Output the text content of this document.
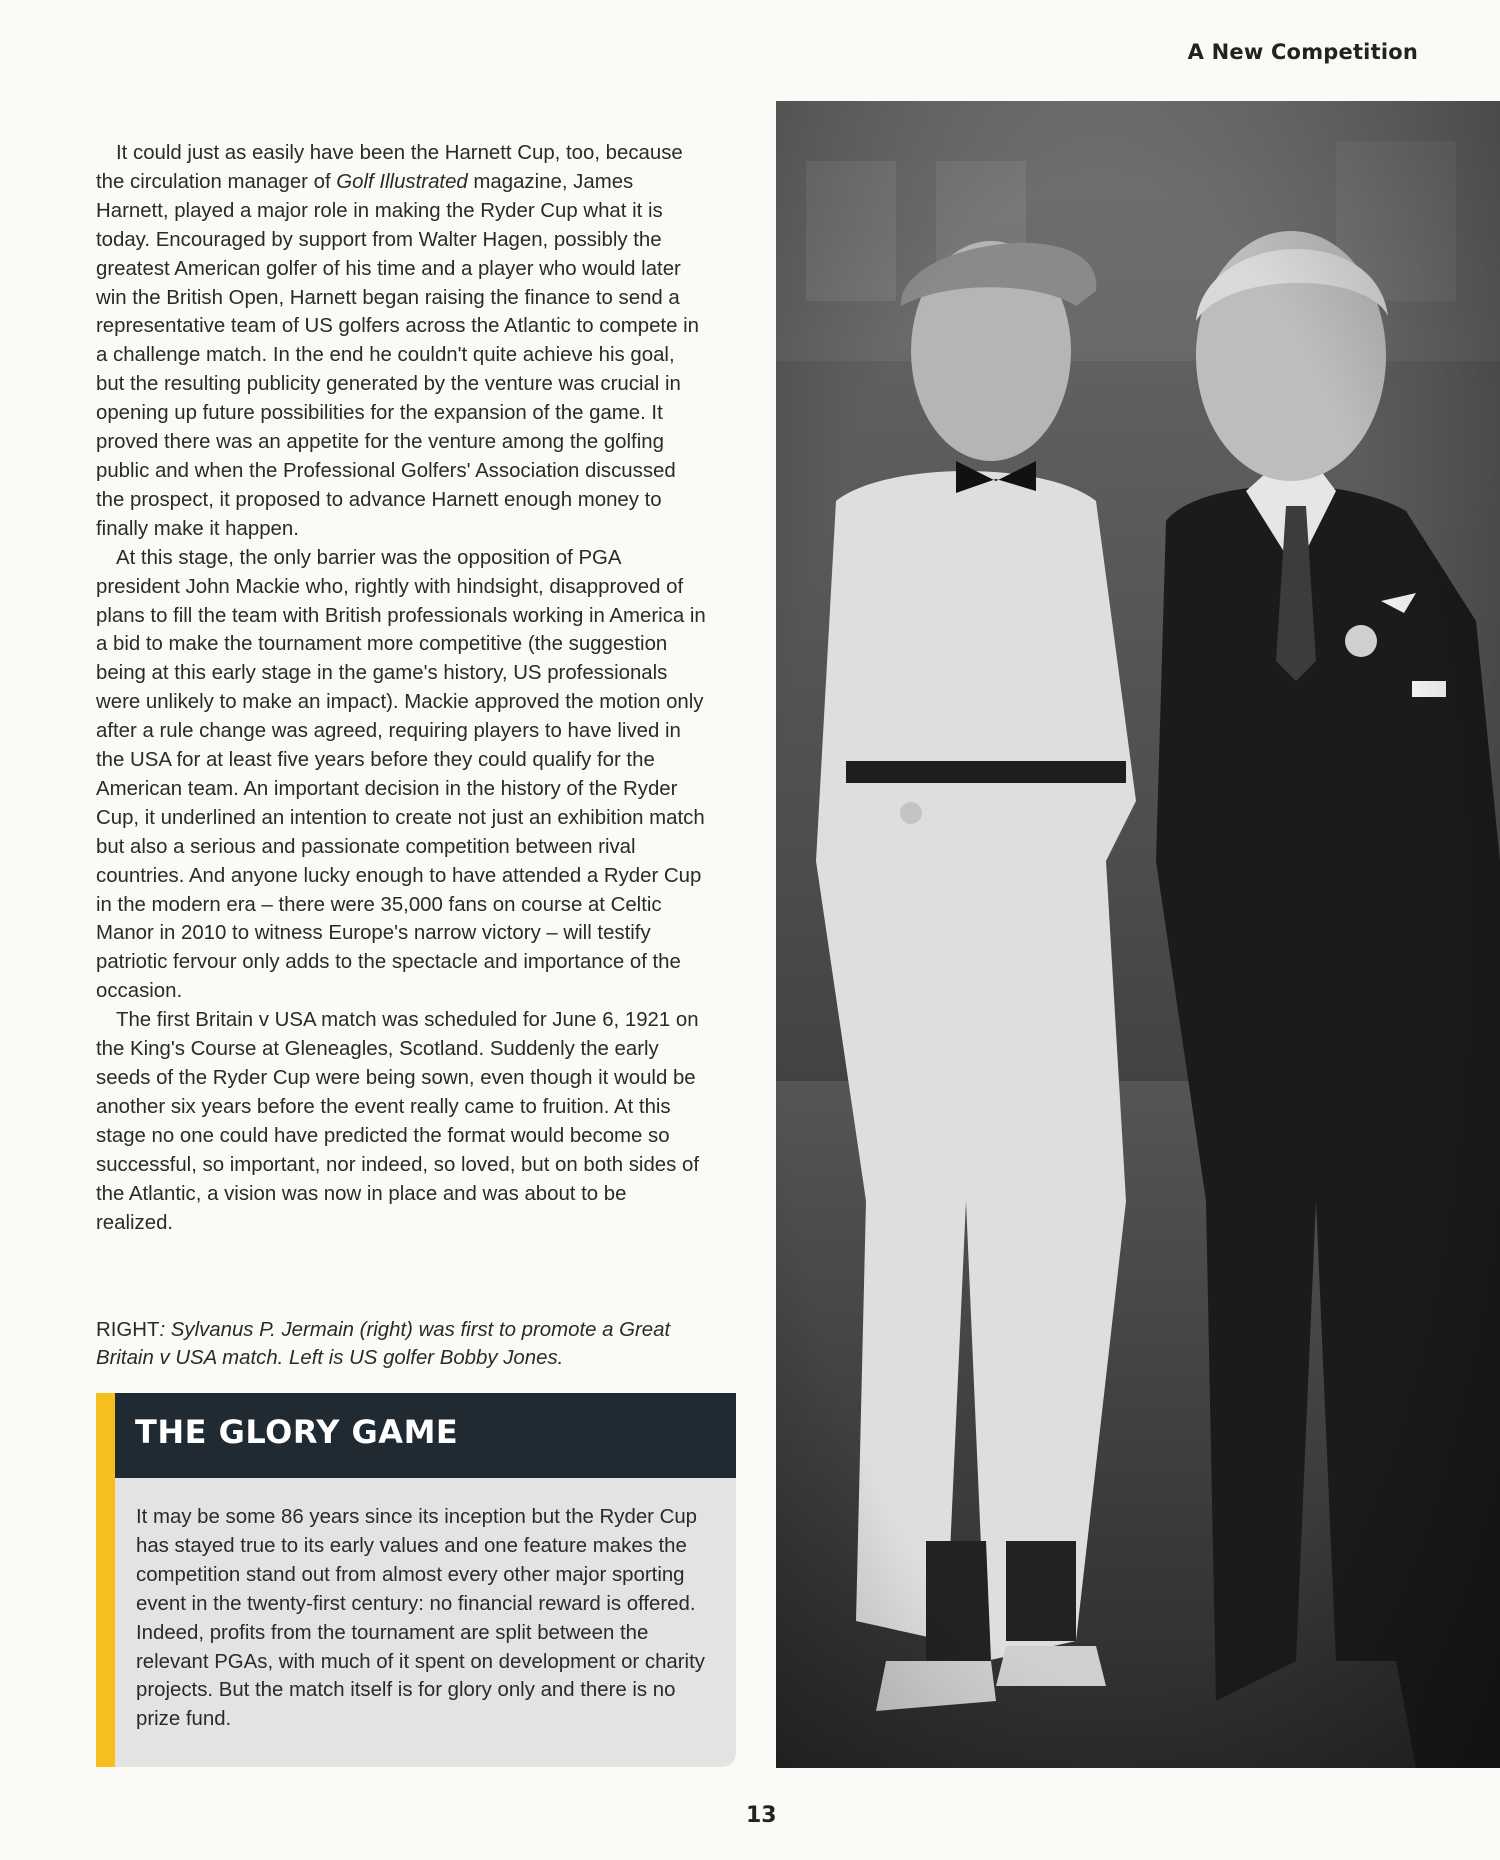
A New Competition

It could just as easily have been the Harnett Cup, too, because the circulation manager of Golf Illustrated magazine, James Harnett, played a major role in making the Ryder Cup what it is today. Encouraged by support from Walter Hagen, possibly the greatest American golfer of his time and a player who would later win the British Open, Harnett began raising the finance to send a representative team of US golfers across the Atlantic to compete in a challenge match. In the end he couldn't quite achieve his goal, but the resulting publicity generated by the venture was crucial in opening up future possibilities for the expansion of the game. It proved there was an appetite for the venture among the golfing public and when the Professional Golfers' Association discussed the prospect, it proposed to advance Harnett enough money to finally make it happen.

At this stage, the only barrier was the opposition of PGA president John Mackie who, rightly with hindsight, disapproved of plans to fill the team with British professionals working in America in a bid to make the tournament more competitive (the suggestion being at this early stage in the game's history, US professionals were unlikely to make an impact). Mackie approved the motion only after a rule change was agreed, requiring players to have lived in the USA for at least five years before they could qualify for the American team. An important decision in the history of the Ryder Cup, it underlined an intention to create not just an exhibition match but also a serious and passionate competition between rival countries. And anyone lucky enough to have attended a Ryder Cup in the modern era – there were 35,000 fans on course at Celtic Manor in 2010 to witness Europe's narrow victory – will testify patriotic fervour only adds to the spectacle and importance of the occasion.

The first Britain v USA match was scheduled for June 6, 1921 on the King's Course at Gleneagles, Scotland. Suddenly the early seeds of the Ryder Cup were being sown, even though it would be another six years before the event really came to fruition. At this stage no one could have predicted the format would become so successful, so important, nor indeed, so loved, but on both sides of the Atlantic, a vision was now in place and was about to be realized.

RIGHT: Sylvanus P. Jermain (right) was first to promote a Great Britain v USA match. Left is US golfer Bobby Jones.
THE GLORY GAME
It may be some 86 years since its inception but the Ryder Cup has stayed true to its early values and one feature makes the competition stand out from almost every other major sporting event in the twenty-first century: no financial reward is offered. Indeed, profits from the tournament are split between the relevant PGAs, with much of it spent on development or charity projects. But the match itself is for glory only and there is no prize fund.
13
